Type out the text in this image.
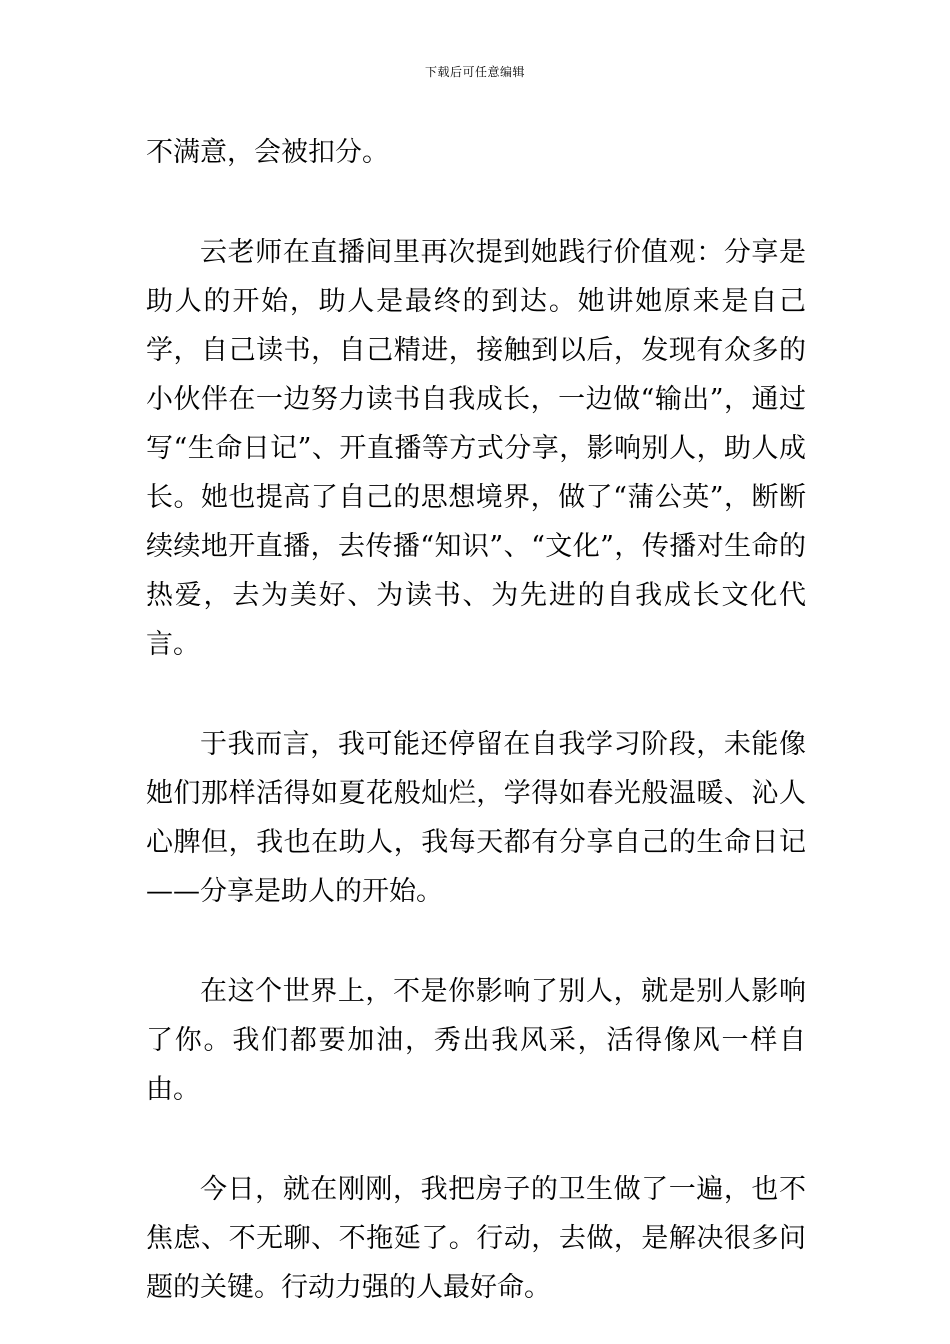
下载后可任意编辑

不满意，会被扣分。

云老师在直播间里再次提到她践行价值观：分享是助人的开始，助人是最终的到达。她讲她原来是自己学，自己读书，自己精进，接触到以后，发现有众多的小伙伴在一边努力读书自我成长，一边做“输出”，通过写“生命日记”、开直播等方式分享，影响别人，助人成长。她也提高了自己的思想境界，做了“蒲公英”，断断续续地开直播，去传播“知识”、“文化”，传播对生命的热爱，去为美好、为读书、为先进的自我成长文化代言。

于我而言，我可能还停留在自我学习阶段，未能像她们那样活得如夏花般灿烂，学得如春光般温暖、沁人心脾但，我也在助人，我每天都有分享自己的生命日记——分享是助人的开始。

在这个世界上，不是你影响了别人，就是别人影响了你。我们都要加油，秀出我风采，活得像风一样自由。

今日，就在刚刚，我把房子的卫生做了一遍，也不焦虑、不无聊、不拖延了。行动，去做，是解决很多问题的关键。行动力强的人最好命。
